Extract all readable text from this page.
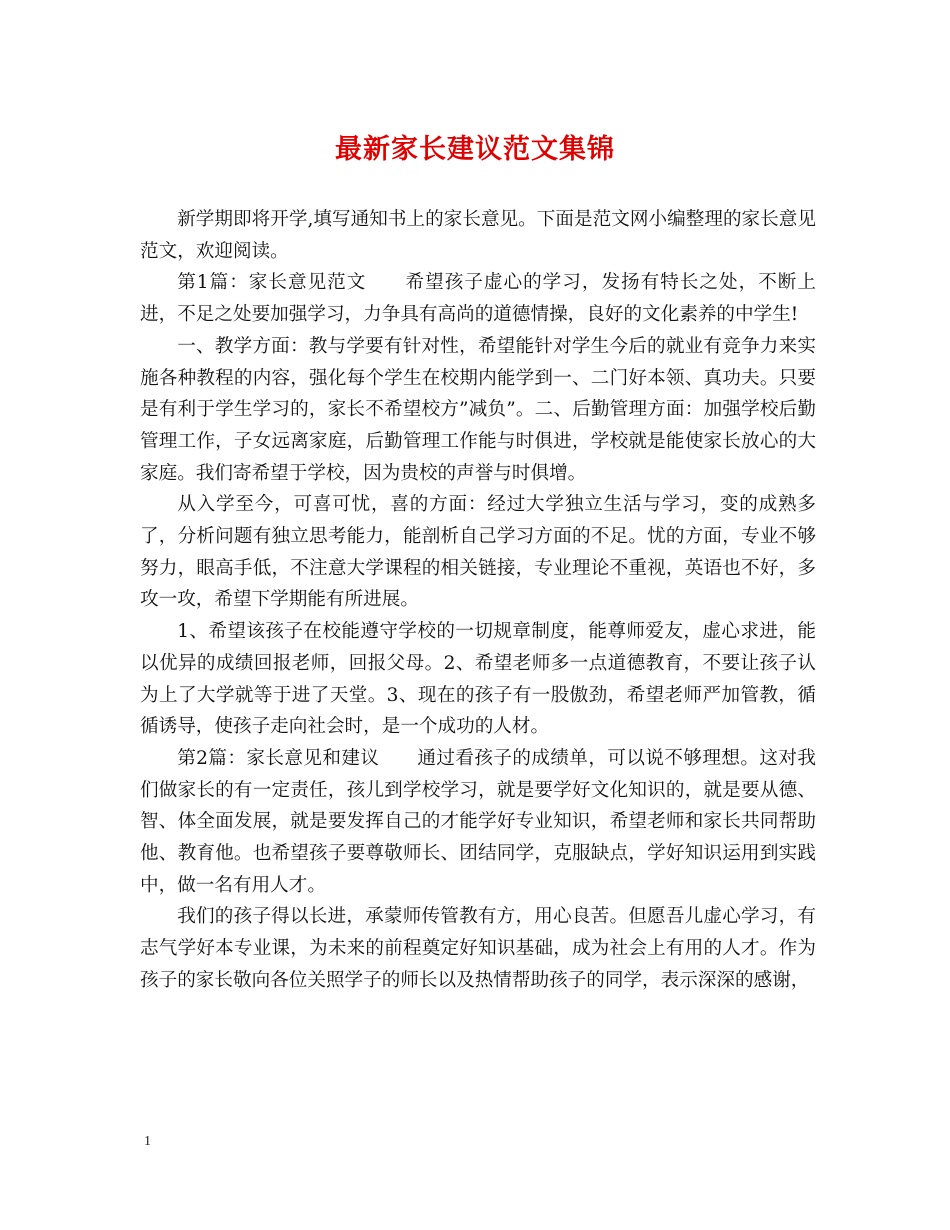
最新家长建议范文集锦

新学期即将开学,填写通知书上的家长意见。下面是范文网小编整理的家长意见范文，欢迎阅读。

第1篇：家长意见范文　　希望孩子虚心的学习，发扬有特长之处，不断上进，不足之处要加强学习，力争具有高尚的道德情操，良好的文化素养的中学生!

一、教学方面：教与学要有针对性，希望能针对学生今后的就业有竞争力来实施各种教程的内容，强化每个学生在校期内能学到一、二门好本领、真功夫。只要是有利于学生学习的，家长不希望校方”减负”。二、后勤管理方面：加强学校后勤管理工作，子女远离家庭，后勤管理工作能与时俱进，学校就是能使家长放心的大家庭。我们寄希望于学校，因为贵校的声誉与时俱增。

从入学至今，可喜可忧，喜的方面：经过大学独立生活与学习，变的成熟多了，分析问题有独立思考能力，能剖析自己学习方面的不足。忧的方面，专业不够努力，眼高手低，不注意大学课程的相关链接，专业理论不重视，英语也不好，多攻一攻，希望下学期能有所进展。

1、希望该孩子在校能遵守学校的一切规章制度，能尊师爱友，虚心求进，能以优异的成绩回报老师，回报父母。2、希望老师多一点道德教育，不要让孩子认为上了大学就等于进了天堂。3、现在的孩子有一股傲劲，希望老师严加管教，循循诱导，使孩子走向社会时，是一个成功的人材。

第2篇：家长意见和建议　　通过看孩子的成绩单，可以说不够理想。这对我们做家长的有一定责任，孩儿到学校学习，就是要学好文化知识的，就是要从德、智、体全面发展，就是要发挥自己的才能学好专业知识，希望老师和家长共同帮助他、教育他。也希望孩子要尊敬师长、团结同学，克服缺点，学好知识运用到实践中，做一名有用人才。

我们的孩子得以长进，承蒙师传管教有方，用心良苦。但愿吾儿虚心学习，有志气学好本专业课，为未来的前程奠定好知识基础，成为社会上有用的人才。作为孩子的家长敬向各位关照学子的师长以及热情帮助孩子的同学，表示深深的感谢，

1
